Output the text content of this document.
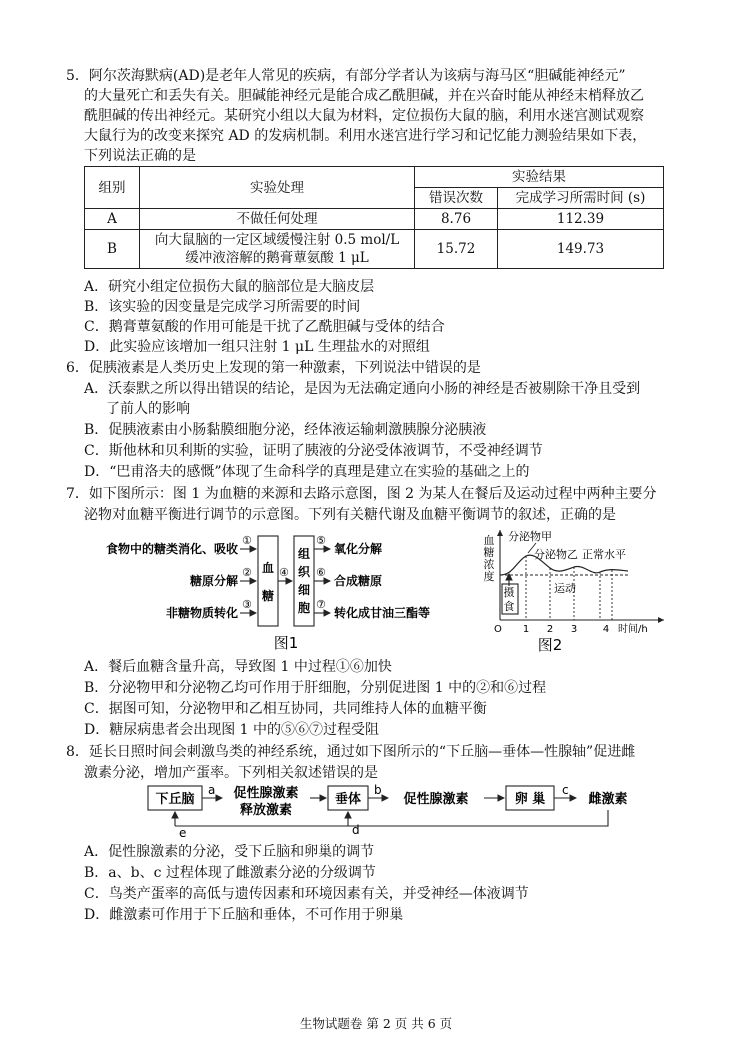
5．阿尔茨海默病(AD)是老年人常见的疾病，有部分学者认为该病与海马区“胆碱能神经元”
的大量死亡和丢失有关。胆碱能神经元是能合成乙酰胆碱，并在兴奋时能从神经末梢释放乙
酰胆碱的传出神经元。某研究小组以大鼠为材料，定位损伤大鼠的脑，利用水迷宫测试观察
大鼠行为的改变来探究 AD 的发病机制。利用水迷宫进行学习和记忆能力测验结果如下表，
下列说法正确的是
组别	实验处理	实验结果	
		错误次数	完成学习所需时间 (s)
A	不做任何处理	8.76	112.39
B	向大鼠脑的一定区域缓慢注射 0.5 mol/L
缓冲液溶解的鹅膏蕈氨酸 1 μL	15.72	149.73
A．研究小组定位损伤大鼠的脑部位是大脑皮层
B．该实验的因变量是完成学习所需要的时间
C．鹅膏蕈氨酸的作用可能是干扰了乙酰胆碱与受体的结合
D．此实验应该增加一组只注射 1 μL 生理盐水的对照组
6．促胰液素是人类历史上发现的第一种激素，下列说法中错误的是
A．沃泰默之所以得出错误的结论，是因为无法确定通向小肠的神经是否被剔除干净且受到
了前人的影响
B．促胰液素由小肠黏膜细胞分泌，经体液运输刺激胰腺分泌胰液
C．斯他林和贝利斯的实验，证明了胰液的分泌受体液调节，不受神经调节
D．“巴甫洛夫的感慨”体现了生命科学的真理是建立在实验的基础之上的
7．如下图所示：图 1 为血糖的来源和去路示意图，图 2 为某人在餐后及运动过程中两种主要分
泌物对血糖平衡进行调节的示意图。下列有关糖代谢及血糖平衡调节的叙述，正确的是
食物中的糖类消化、吸收
糖原分解
非糖物质转化
①
②
③
血
糖
④
组
织
细
胞
⑤
⑥
⑦
氧化分解
合成糖原
转化成甘油三酯等
图1
血
糖
浓
度
分泌物甲
分泌物乙 正常水平
摄
食
运动
O 1 2 3	4 时间/h
图2
A．餐后血糖含量升高，导致图 1 中过程①⑥加快
B．分泌物甲和分泌物乙均可作用于肝细胞，分别促进图 1 中的②和⑥过程
C．据图可知，分泌物甲和乙相互协同，共同维持人体的血糖平衡
D．糖尿病患者会出现图 1 中的⑤⑥⑦过程受阻
8．延长日照时间会刺激鸟类的神经系统，通过如下图所示的“下丘脑—垂体—性腺轴”促进雌
激素分泌，增加产蛋率。下列相关叙述错误的是
下丘脑
a 促性腺激素
释放激素
垂体
b
促性腺激素	卵 巢
c
雌激素
d
e
A．促性腺激素的分泌，受下丘脑和卵巢的调节
B．a、b、c 过程体现了雌激素分泌的分级调节
C．鸟类产蛋率的高低与遗传因素和环境因素有关，并受神经—体液调节
D．雌激素可作用于下丘脑和垂体，不可作用于卵巢
生物试题卷 第 2 页 共 6 页
